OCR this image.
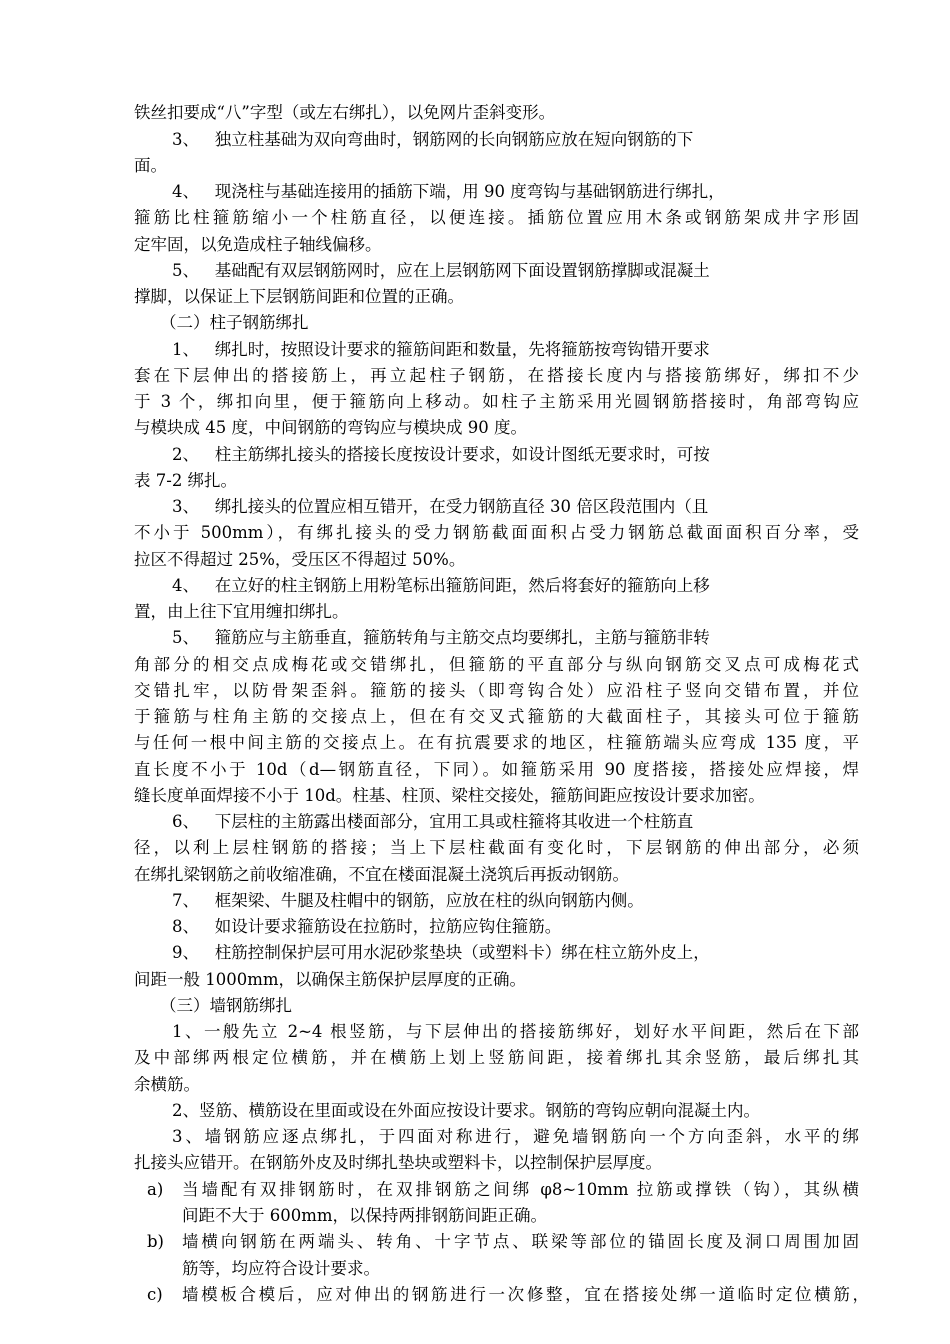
铁丝扣要成“八”字型（或左右绑扎），以免网片歪斜变形。
3、   独立柱基础为双向弯曲时，钢筋网的长向钢筋应放在短向钢筋的下
面。
4、   现浇柱与基础连接用的插筋下端，用 90 度弯钩与基础钢筋进行绑扎，
箍筋比柱箍筋缩小一个柱筋直径，以便连接。插筋位置应用木条或钢筋架成井字形固
定牢固，以免造成柱子轴线偏移。
5、   基础配有双层钢筋网时，应在上层钢筋网下面设置钢筋撑脚或混凝土
撑脚，以保证上下层钢筋间距和位置的正确。
（二）柱子钢筋绑扎
1、   绑扎时，按照设计要求的箍筋间距和数量，先将箍筋按弯钩错开要求
套在下层伸出的搭接筋上，再立起柱子钢筋，在搭接长度内与搭接筋绑好，绑扣不少
于 3 个，绑扣向里，便于箍筋向上移动。如柱子主筋采用光圆钢筋搭接时，角部弯钩应
与模块成 45 度，中间钢筋的弯钩应与模块成 90 度。
2、   柱主筋绑扎接头的搭接长度按设计要求，如设计图纸无要求时，可按
表 7-2 绑扎。
3、   绑扎接头的位置应相互错开，在受力钢筋直径 30 倍区段范围内（且
不小于 500mm），有绑扎接头的受力钢筋截面面积占受力钢筋总截面面积百分率，受
拉区不得超过 25%，受压区不得超过 50%。
4、   在立好的柱主钢筋上用粉笔标出箍筋间距，然后将套好的箍筋向上移
置，由上往下宜用缠扣绑扎。
5、   箍筋应与主筋垂直，箍筋转角与主筋交点均要绑扎，主筋与箍筋非转
角部分的相交点成梅花或交错绑扎，但箍筋的平直部分与纵向钢筋交叉点可成梅花式
交错扎牢，以防骨架歪斜。箍筋的接头（即弯钩合处）应沿柱子竖向交错布置，并位
于箍筋与柱角主筋的交接点上，但在有交叉式箍筋的大截面柱子，其接头可位于箍筋
与任何一根中间主筋的交接点上。在有抗震要求的地区，柱箍筋端头应弯成 135 度，平
直长度不小于 10d（d—钢筋直径，下同）。如箍筋采用 90 度搭接，搭接处应焊接，焊
缝长度单面焊接不小于 10d。柱基、柱顶、梁柱交接处，箍筋间距应按设计要求加密。
6、   下层柱的主筋露出楼面部分，宜用工具或柱箍将其收进一个柱筋直
径，以利上层柱钢筋的搭接；当上下层柱截面有变化时，下层钢筋的伸出部分，必须
在绑扎梁钢筋之前收缩准确，不宜在楼面混凝土浇筑后再扳动钢筋。
7、   框架梁、牛腿及柱帽中的钢筋，应放在柱的纵向钢筋内侧。
8、   如设计要求箍筋设在拉筋时，拉筋应钩住箍筋。
9、   柱筋控制保护层可用水泥砂浆垫块（或塑料卡）绑在柱立筋外皮上，
间距一般 1000mm，以确保主筋保护层厚度的正确。
（三）墙钢筋绑扎
1、一般先立 2~4 根竖筋，与下层伸出的搭接筋绑好，划好水平间距，然后在下部
及中部绑两根定位横筋，并在横筋上划上竖筋间距，接着绑扎其余竖筋，最后绑扎其
余横筋。
2、竖筋、横筋设在里面或设在外面应按设计要求。钢筋的弯钩应朝向混凝土内。
3、墙钢筋应逐点绑扎，于四面对称进行，避免墙钢筋向一个方向歪斜，水平的绑
扎接头应错开。在钢筋外皮及时绑扎垫块或塑料卡，以控制保护层厚度。
a) 当墙配有双排钢筋时，在双排钢筋之间绑 φ8~10mm 拉筋或撑铁（钩），其纵横
间距不大于 600mm，以保持两排钢筋间距正确。
b) 墙横向钢筋在两端头、转角、十字节点、联梁等部位的锚固长度及洞口周围加固
筋等，均应符合设计要求。
c) 墙模板合模后，应对伸出的钢筋进行一次修整，宜在搭接处绑一道临时定位横筋，
